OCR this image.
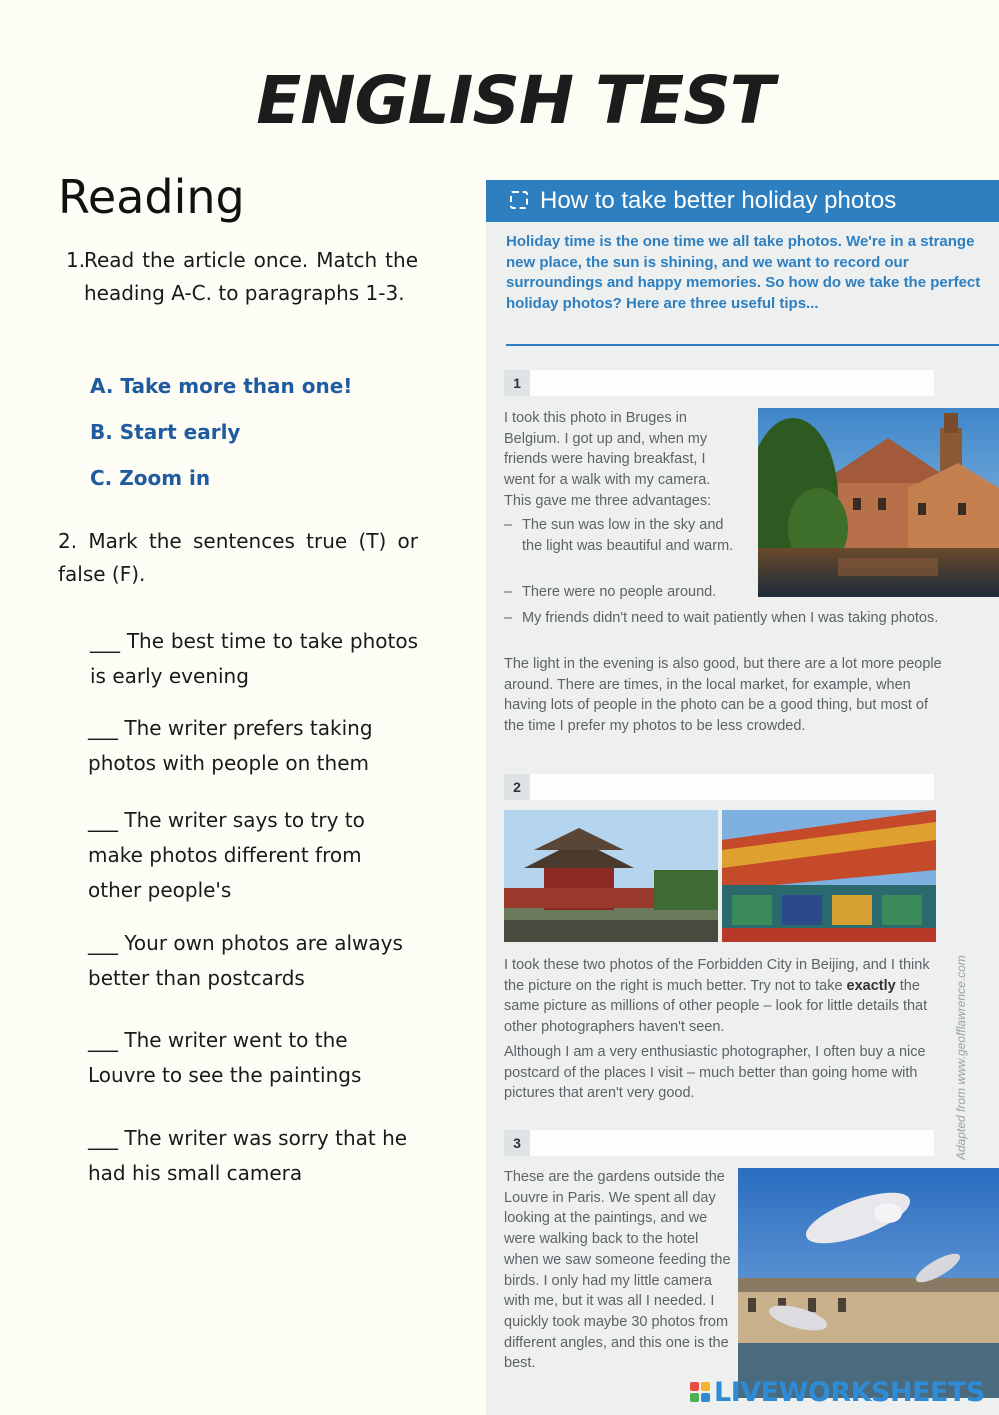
ENGLISH TEST
Reading
1.
Read the article once. Match the heading A-C. to paragraphs 1-3.
A. Take more than one!
B. Start early
C. Zoom in
2. Mark the sentences true (T) or false (F).
___ The best time to take photos is early evening
___ The writer prefers taking photos with people on them
___ The writer says to try to make photos different from other people's
___ Your own photos are always better than postcards
___ The writer went to the Louvre to see the paintings
___ The writer was sorry that he had his small camera
How to take better holiday photos
Holiday time is the one time we all take photos. We're in a strange new place, the sun is shining, and we want to record our surroundings and happy memories. So how do we take the perfect holiday photos? Here are three useful tips...
1
I took this photo in Bruges in Belgium. I got up and, when my friends were having breakfast, I went for a walk with my camera. This gave me three advantages:
– The sun was low in the sky and the light was beautiful and warm.
– There were no people around.
– My friends didn't need to wait patiently when I was taking photos.
The light in the evening is also good, but there are a lot more people around. There are times, in the local market, for example, when having lots of people in the photo can be a good thing, but most of the time I prefer my photos to be less crowded.
2
I took these two photos of the Forbidden City in Beijing, and I think the picture on the right is much better. Try not to take exactly the same picture as millions of other people – look for little details that other photographers haven't seen.
Although I am a very enthusiastic photographer, I often buy a nice postcard of the places I visit – much better than going home with pictures that aren't very good.
3
These are the gardens outside the Louvre in Paris. We spent all day looking at the paintings, and we were walking back to the hotel when we saw someone feeding the birds. I only had my little camera with me, but it was all I needed. I quickly took maybe 30 photos from different angles, and this one is the best.
Adapted from www.geofflawrence.com
LIVEWORKSHEETS
